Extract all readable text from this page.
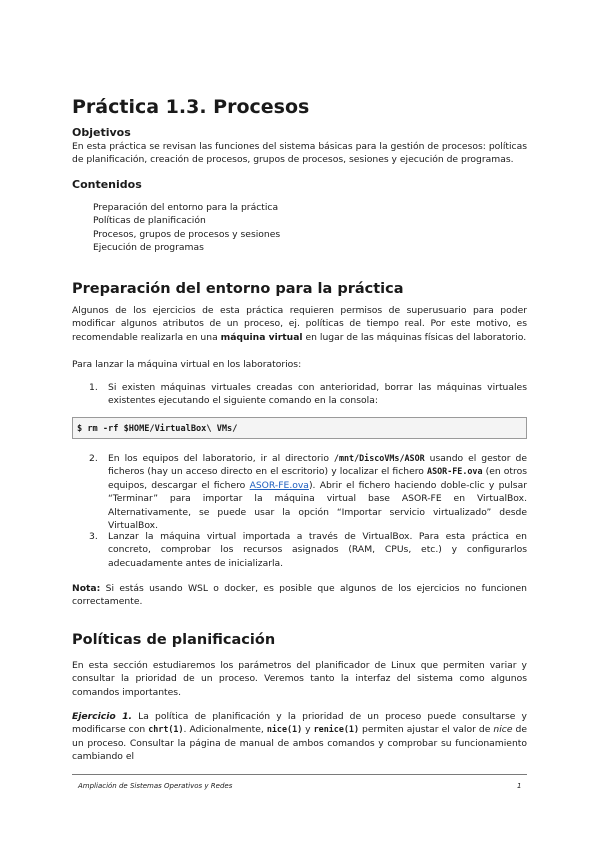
Práctica 1.3. Procesos
Objetivos

En esta práctica se revisan las funciones del sistema básicas para la gestión de procesos: políticas de planificación, creación de procesos, grupos de procesos, sesiones y ejecución de programas.

Contenidos
Preparación del entorno para la práctica
Políticas de planificación
Procesos, grupos de procesos y sesiones
Ejecución de programas
Preparación del entorno para la práctica

Algunos de los ejercicios de esta práctica requieren permisos de superusuario para poder modificar algunos atributos de un proceso, ej. políticas de tiempo real. Por este motivo, es recomendable realizarla en una máquina virtual en lugar de las máquinas físicas del laboratorio.

Para lanzar la máquina virtual en los laboratorios:

1. Si existen máquinas virtuales creadas con anterioridad, borrar las máquinas virtuales existentes ejecutando el siguiente comando en la consola:
$ rm -rf $HOME/VirtualBox\ VMs/
2. En los equipos del laboratorio, ir al directorio /mnt/DiscoVMs/ASOR usando el gestor de ficheros (hay un acceso directo en el escritorio) y localizar el fichero ASOR-FE.ova (en otros equipos, descargar el fichero ASOR-FE.ova). Abrir el fichero haciendo doble-clic y pulsar “Terminar” para importar la máquina virtual base ASOR-FE en VirtualBox. Alternativamente, se puede usar la opción “Importar servicio virtualizado” desde VirtualBox.
3. Lanzar la máquina virtual importada a través de VirtualBox. Para esta práctica en concreto, comprobar los recursos asignados (RAM, CPUs, etc.) y configurarlos adecuadamente antes de inicializarla.

Nota: Si estás usando WSL o docker, es posible que algunos de los ejercicios no funcionen correctamente.

Políticas de planificación

En esta sección estudiaremos los parámetros del planificador de Linux que permiten variar y consultar la prioridad de un proceso. Veremos tanto la interfaz del sistema como algunos comandos importantes.

Ejercicio 1. La política de planificación y la prioridad de un proceso puede consultarse y modificarse con chrt(1). Adicionalmente, nice(1) y renice(1) permiten ajustar el valor de nice de un proceso. Consultar la página de manual de ambos comandos y comprobar su funcionamiento cambiando el

Ampliación de Sistemas Operativos y Redes	1
